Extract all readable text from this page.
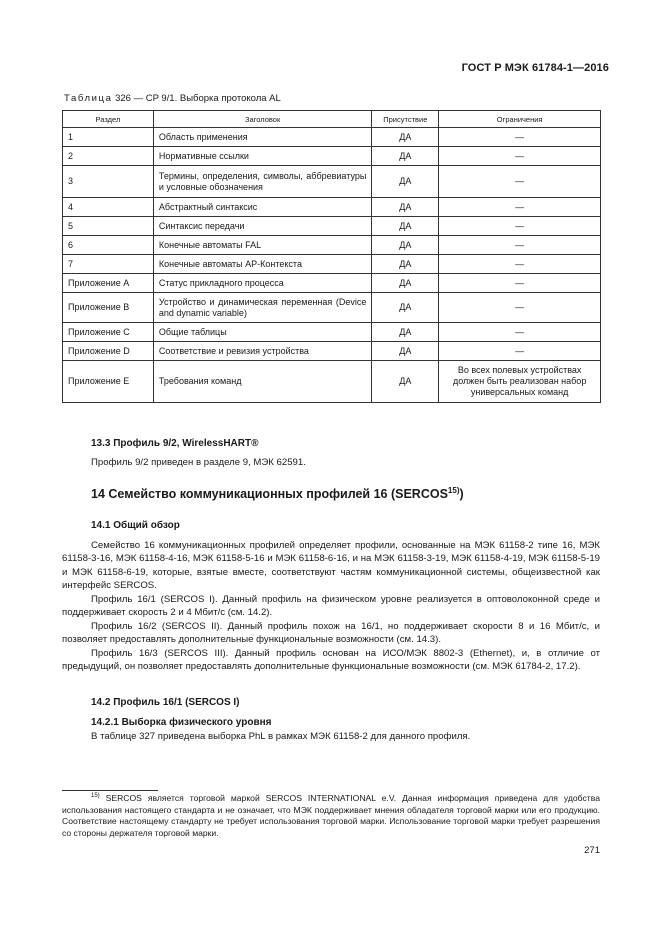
ГОСТ Р МЭК 61784-1—2016
Таблица 326 — CP 9/1. Выборка протокола AL
Раздел	Заголовок	Присутствие	Ограничения
1	Область применения	ДА	—
2	Нормативные ссылки	ДА	—
3	Термины, определения, символы, аббревиатуры и условные обозначения	ДА	—
4	Абстрактный синтаксис	ДА	—
5	Синтаксис передачи	ДА	—
6	Конечные автоматы FAL	ДА	—
7	Конечные автоматы AP-Контекста	ДА	—
Приложение A	Статус прикладного процесса	ДА	—
Приложение B	Устройство и динамическая переменная (Device and dynamic variable)	ДА	—
Приложение C	Общие таблицы	ДА	—
Приложение D	Соответствие и ревизия устройства	ДА	—
Приложение E	Требования команд	ДА	Во всех полевых устройствах должен быть реализован набор универсальных команд
13.3 Профиль 9/2, WirelessHART®
Профиль 9/2 приведен в разделе 9, МЭК 62591.
14 Семейство коммуникационных профилей 16 (SERCOS$^{15)}$)
14.1 Общий обзор
Семейство 16 коммуникационных профилей определяет профили, основанные на МЭК 61158-2 типе 16, МЭК 61158-3-16, МЭК 61158-4-16, МЭК 61158-5-16 и МЭК 61158-6-16, и на МЭК 61158-3-19, МЭК 61158-4-19, МЭК 61158-5-19 и МЭК 61158-6-19, которые, взятые вместе, соответствуют частям коммуникационной системы, общеизвестной как интерфейс SERCOS.
Профиль 16/1 (SERCOS I). Данный профиль на физическом уровне реализуется в оптоволоконной среде и поддерживает скорость 2 и 4 Мбит/с (см. 14.2).
Профиль 16/2 (SERCOS II). Данный профиль похож на 16/1, но поддерживает скорости 8 и 16 Мбит/с, и позволяет предоставлять дополнительные функциональные возможности (см. 14.3).
Профиль 16/3 (SERCOS III). Данный профиль основан на ИСО/МЭК 8802-3 (Ethernet), и, в отличие от предыдущий, он позволяет предоставлять дополнительные функциональные возможности (см. МЭК 61784-2, 17.2).
14.2 Профиль 16/1 (SERCOS I)
14.2.1 Выборка физического уровня
В таблице 327 приведена выборка PhL в рамках МЭК 61158-2 для данного профиля.
$^{15)}$ SERCOS является торговой маркой SERCOS INTERNATIONAL e.V. Данная информация приведена для удобства использования настоящего стандарта и не означает, что МЭК поддерживает мнения обладателя торговой марки или его продукцию. Соответствие настоящему стандарту не требует использования торговой марки. Использование торговой марки требует разрешения со стороны держателя торговой марки.
271
